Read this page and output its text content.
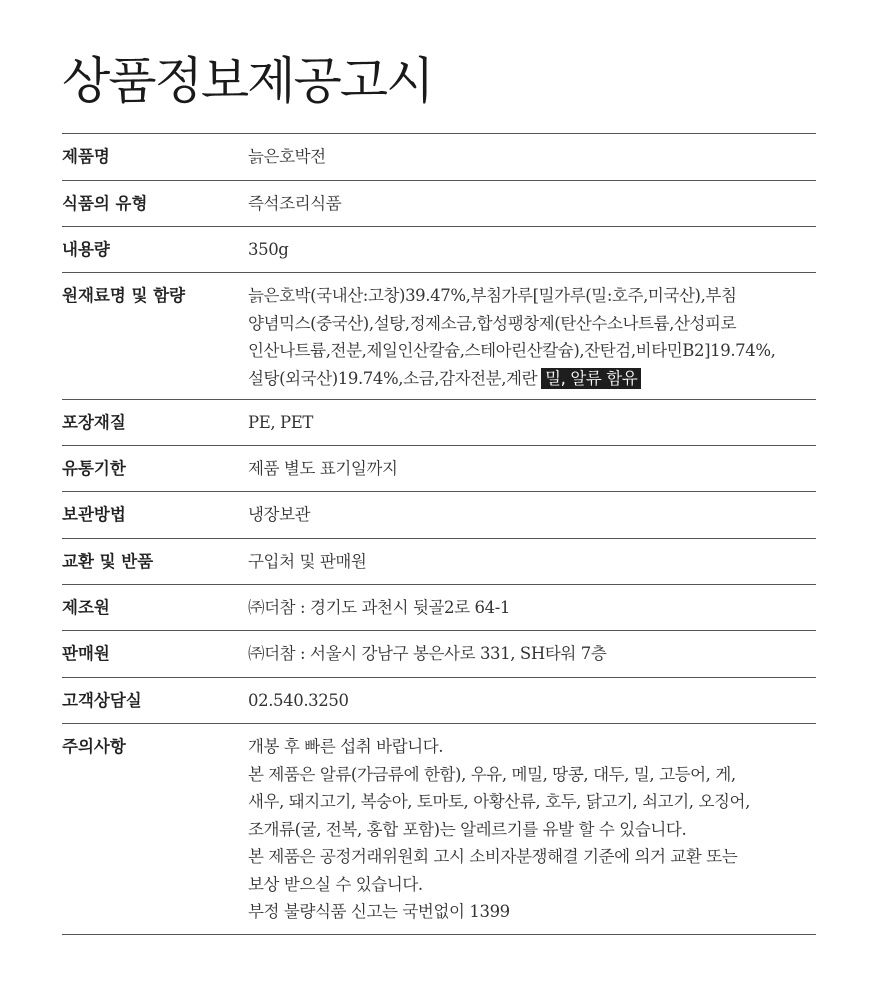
상품정보제공고시
제품명	늙은호박전
식품의 유형	즉석조리식품
내용량	350g
원재료명 및 함량	늙은호박(국내산:고창)39.47%,부침가루[밀가루(밀:호주,미국산),부침
양념믹스(중국산),설탕,정제소금,합성팽창제(탄산수소나트륨,산성피로
인산나트륨,전분,제일인산칼슘,스테아린산칼슘),잔탄검,비타민B2]19.74%,
설탕(외국산)19.74%,소금,감자전분,계란 밀, 알류 함유
포장재질	PE, PET
유통기한	제품 별도 표기일까지
보관방법	냉장보관
교환 및 반품	구입처 및 판매원
제조원	㈜더참 : 경기도 과천시 뒷골2로 64-1
판매원	㈜더참 : 서울시 강남구 봉은사로 331, SH타워 7층
고객상담실	02.540.3250
주의사항	개봉 후 빠른 섭취 바랍니다.
본 제품은 알류(가금류에 한함), 우유, 메밀, 땅콩, 대두, 밀, 고등어, 게,
새우, 돼지고기, 복숭아, 토마토, 아황산류, 호두, 닭고기, 쇠고기, 오징어,
조개류(굴, 전복, 홍합 포함)는 알레르기를 유발 할 수 있습니다.
본 제품은 공정거래위원회 고시 소비자분쟁해결 기준에 의거 교환 또는
보상 받으실 수 있습니다.
부정 불량식품 신고는 국번없이 1399
